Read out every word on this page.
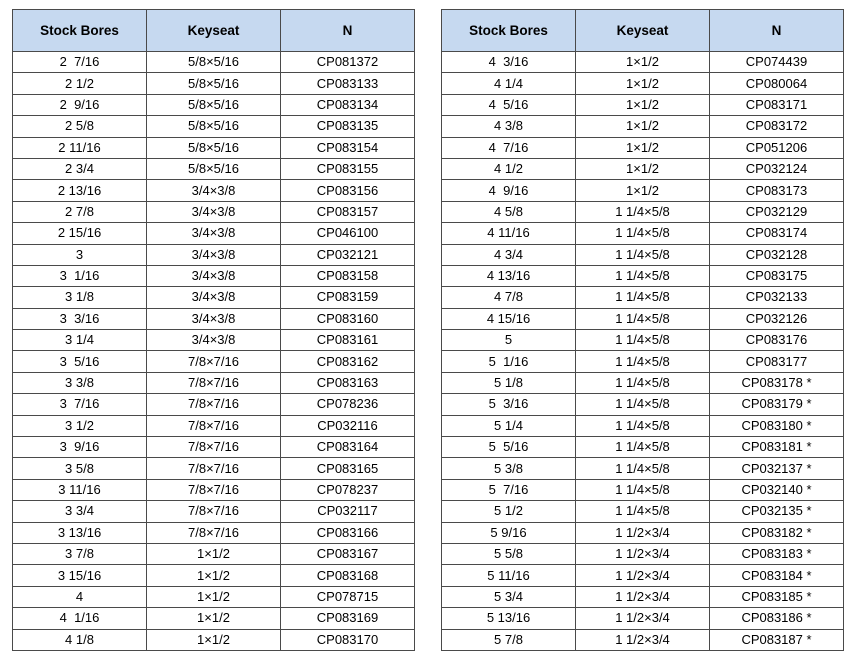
Stock Bores	Keyseat	N
2  7/16	5/8×5/16	CP081372
2 1/2	5/8×5/16	CP083133
2  9/16	5/8×5/16	CP083134
2 5/8	5/8×5/16	CP083135
2 11/16	5/8×5/16	CP083154
2 3/4	5/8×5/16	CP083155
2 13/16	3/4×3/8	CP083156
2 7/8	3/4×3/8	CP083157
2 15/16	3/4×3/8	CP046100
3	3/4×3/8	CP032121
3  1/16	3/4×3/8	CP083158
3 1/8	3/4×3/8	CP083159
3  3/16	3/4×3/8	CP083160
3 1/4	3/4×3/8	CP083161
3  5/16	7/8×7/16	CP083162
3 3/8	7/8×7/16	CP083163
3  7/16	7/8×7/16	CP078236
3 1/2	7/8×7/16	CP032116
3  9/16	7/8×7/16	CP083164
3 5/8	7/8×7/16	CP083165
3 11/16	7/8×7/16	CP078237
3 3/4	7/8×7/16	CP032117
3 13/16	7/8×7/16	CP083166
3 7/8	1×1/2	CP083167
3 15/16	1×1/2	CP083168
4	1×1/2	CP078715
4  1/16	1×1/2	CP083169
4 1/8	1×1/2	CP083170
Stock Bores	Keyseat	N
4  3/16	1×1/2	CP074439
4 1/4	1×1/2	CP080064
4  5/16	1×1/2	CP083171
4 3/8	1×1/2	CP083172
4  7/16	1×1/2	CP051206
4 1/2	1×1/2	CP032124
4  9/16	1×1/2	CP083173
4 5/8	1 1/4×5/8	CP032129
4 11/16	1 1/4×5/8	CP083174
4 3/4	1 1/4×5/8	CP032128
4 13/16	1 1/4×5/8	CP083175
4 7/8	1 1/4×5/8	CP032133
4 15/16	1 1/4×5/8	CP032126
5	1 1/4×5/8	CP083176
5  1/16	1 1/4×5/8	CP083177
5 1/8	1 1/4×5/8	CP083178 *
5  3/16	1 1/4×5/8	CP083179 *
5 1/4	1 1/4×5/8	CP083180 *
5  5/16	1 1/4×5/8	CP083181 *
5 3/8	1 1/4×5/8	CP032137 *
5  7/16	1 1/4×5/8	CP032140 *
5 1/2	1 1/4×5/8	CP032135 *
5 9/16	1 1/2×3/4	CP083182 *
5 5/8	1 1/2×3/4	CP083183 *
5 11/16	1 1/2×3/4	CP083184 *
5 3/4	1 1/2×3/4	CP083185 *
5 13/16	1 1/2×3/4	CP083186 *
5 7/8	1 1/2×3/4	CP083187 *
